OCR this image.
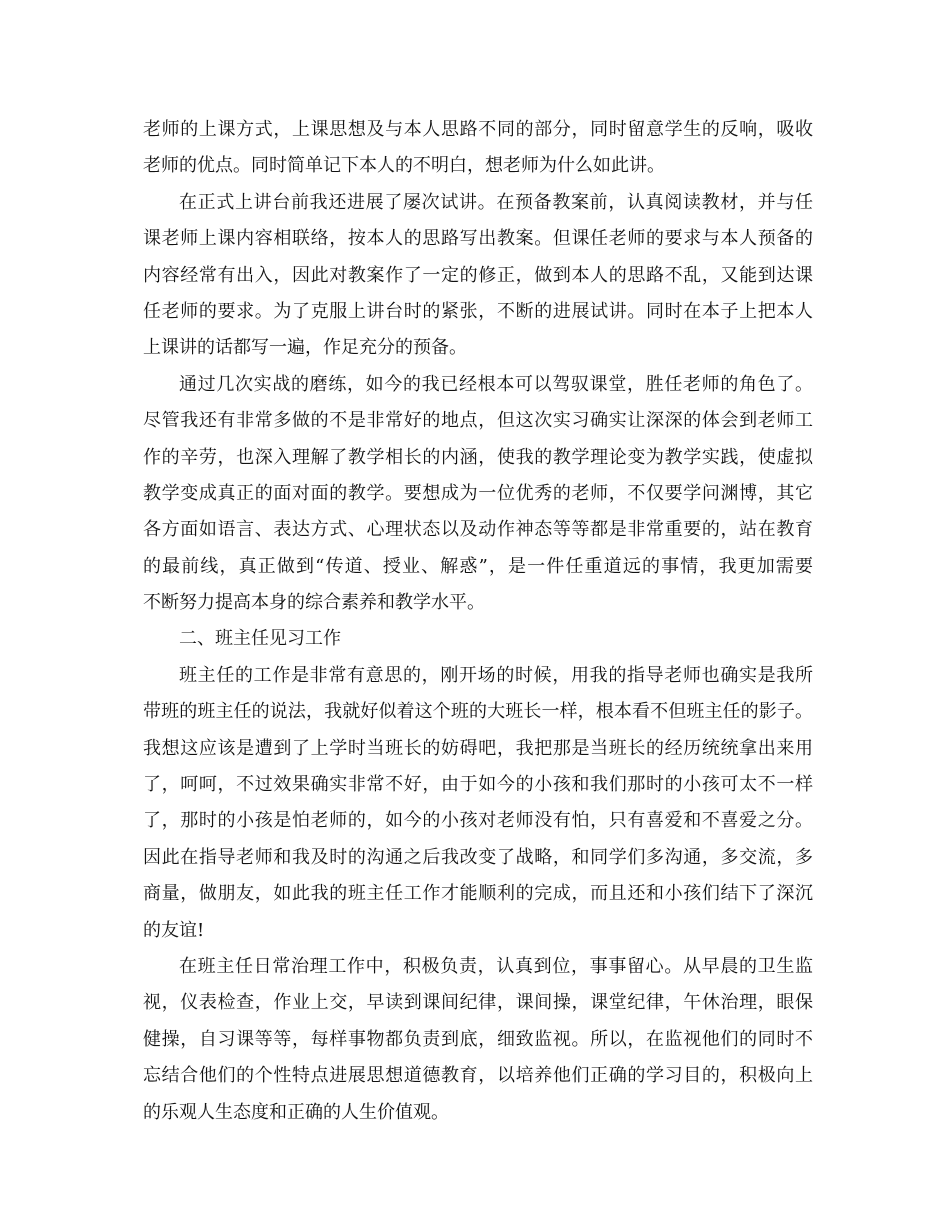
老师的上课方式，上课思想及与本人思路不同的部分，同时留意学生的反响，吸收
老师的优点。同时简单记下本人的不明白，想老师为什么如此讲。
在正式上讲台前我还进展了屡次试讲。在预备教案前，认真阅读教材，并与任
课老师上课内容相联络，按本人的思路写出教案。但课任老师的要求与本人预备的
内容经常有出入，因此对教案作了一定的修正，做到本人的思路不乱，又能到达课
任老师的要求。为了克服上讲台时的紧张，不断的进展试讲。同时在本子上把本人
上课讲的话都写一遍，作足充分的预备。
通过几次实战的磨练，如今的我已经根本可以驾驭课堂，胜任老师的角色了。
尽管我还有非常多做的不是非常好的地点，但这次实习确实让深深的体会到老师工
作的辛劳，也深入理解了教学相长的内涵，使我的教学理论变为教学实践，使虚拟
教学变成真正的面对面的教学。要想成为一位优秀的老师，不仅要学问渊博，其它
各方面如语言、表达方式、心理状态以及动作神态等等都是非常重要的，站在教育
的最前线，真正做到“传道、授业、解惑”，是一件任重道远的事情，我更加需要
不断努力提高本身的综合素养和教学水平。
二、班主任见习工作
班主任的工作是非常有意思的，刚开场的时候，用我的指导老师也确实是我所
带班的班主任的说法，我就好似着这个班的大班长一样，根本看不但班主任的影子。
我想这应该是遭到了上学时当班长的妨碍吧，我把那是当班长的经历统统拿出来用
了，呵呵，不过效果确实非常不好，由于如今的小孩和我们那时的小孩可太不一样
了，那时的小孩是怕老师的，如今的小孩对老师没有怕，只有喜爱和不喜爱之分。
因此在指导老师和我及时的沟通之后我改变了战略，和同学们多沟通，多交流，多
商量，做朋友，如此我的班主任工作才能顺利的完成，而且还和小孩们结下了深沉
的友谊!
在班主任日常治理工作中，积极负责，认真到位，事事留心。从早晨的卫生监
视，仪表检查，作业上交，早读到课间纪律，课间操，课堂纪律，午休治理，眼保
健操，自习课等等，每样事物都负责到底，细致监视。所以，在监视他们的同时不
忘结合他们的个性特点进展思想道德教育，以培养他们正确的学习目的，积极向上
的乐观人生态度和正确的人生价值观。
